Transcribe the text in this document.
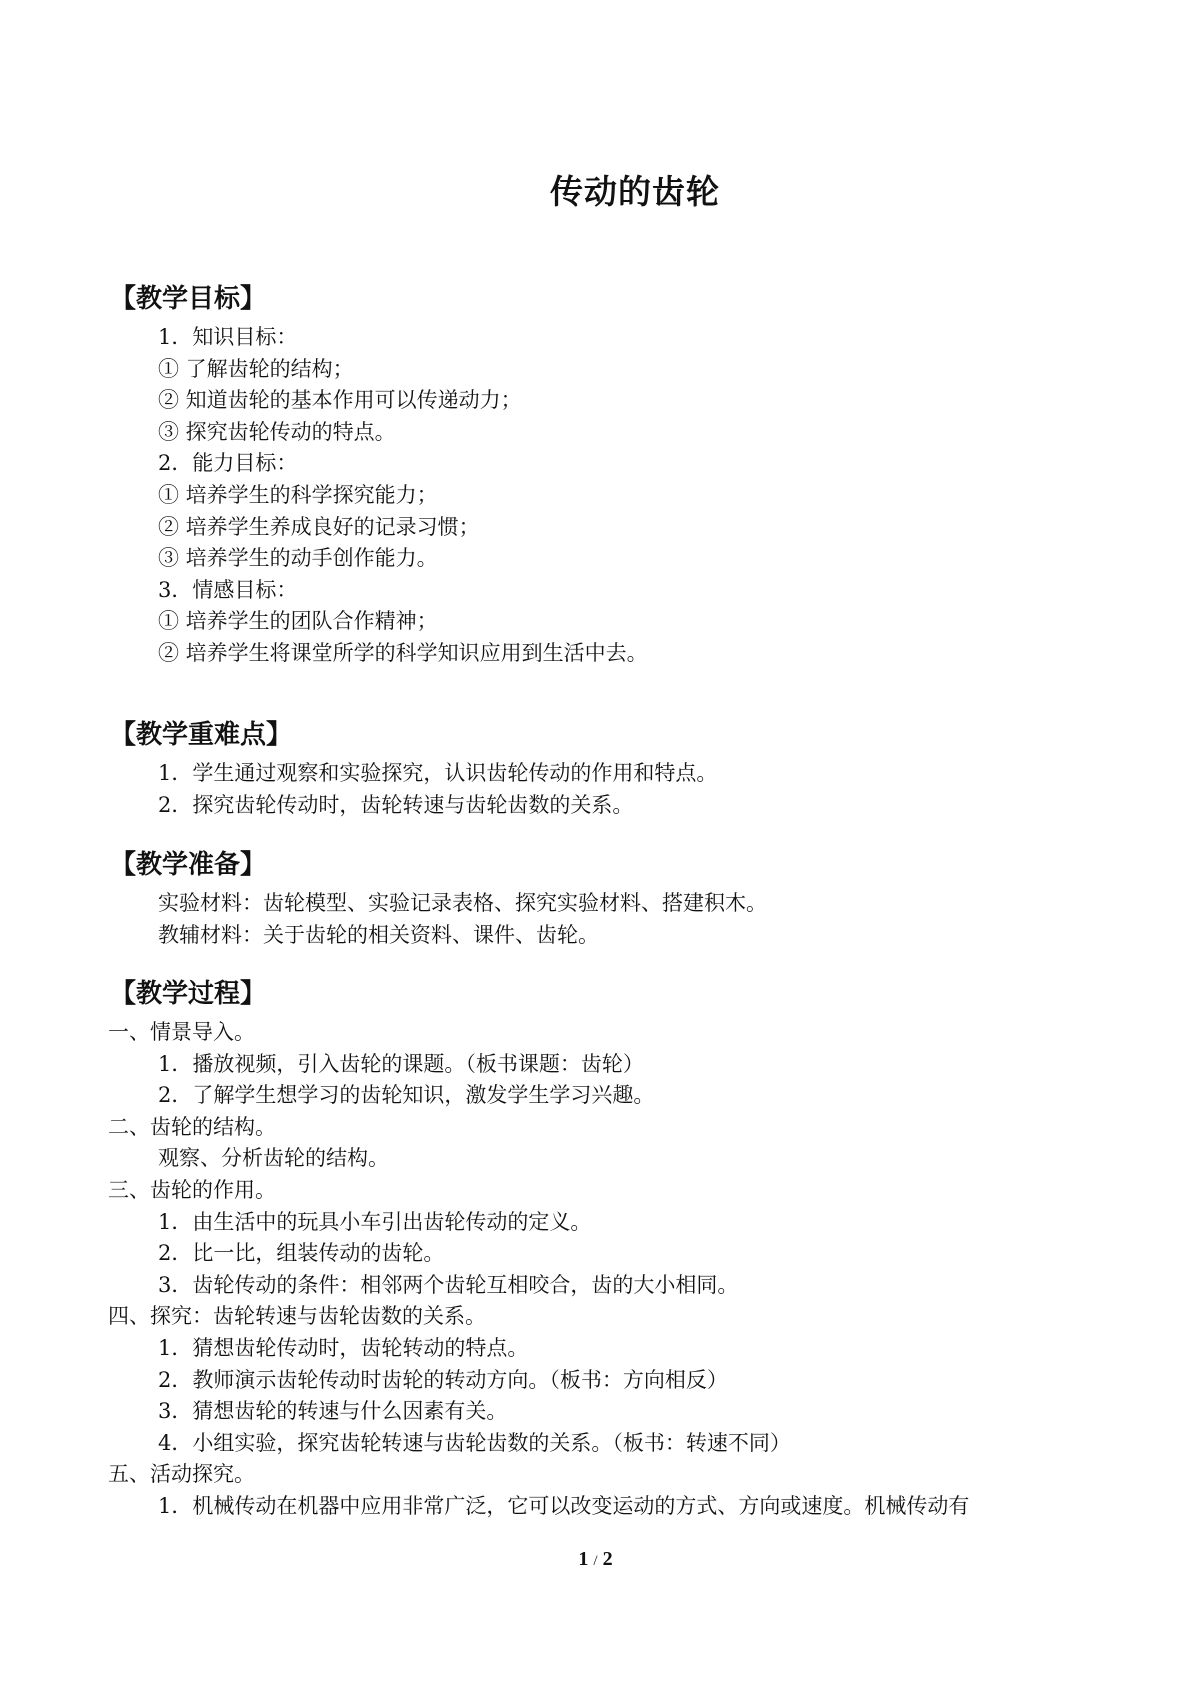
传动的齿轮
【教学目标】
1．知识目标：
① 了解齿轮的结构；
② 知道齿轮的基本作用可以传递动力；
③ 探究齿轮传动的特点。
2．能力目标：
① 培养学生的科学探究能力；
② 培养学生养成良好的记录习惯；
③ 培养学生的动手创作能力。
3．情感目标：
① 培养学生的团队合作精神；
② 培养学生将课堂所学的科学知识应用到生活中去。
【教学重难点】
1．学生通过观察和实验探究，认识齿轮传动的作用和特点。
2．探究齿轮传动时，齿轮转速与齿轮齿数的关系。
【教学准备】
实验材料：齿轮模型、实验记录表格、探究实验材料、搭建积木。
教辅材料：关于齿轮的相关资料、课件、齿轮。
【教学过程】
一、情景导入。
1．播放视频，引入齿轮的课题。（板书课题：齿轮）
2．了解学生想学习的齿轮知识，激发学生学习兴趣。
二、齿轮的结构。
观察、分析齿轮的结构。
三、齿轮的作用。
1．由生活中的玩具小车引出齿轮传动的定义。
2．比一比，组装传动的齿轮。
3．齿轮传动的条件：相邻两个齿轮互相咬合，齿的大小相同。
四、探究：齿轮转速与齿轮齿数的关系。
1．猜想齿轮传动时，齿轮转动的特点。
2．教师演示齿轮传动时齿轮的转动方向。（板书：方向相反）
3．猜想齿轮的转速与什么因素有关。
4．小组实验，探究齿轮转速与齿轮齿数的关系。（板书：转速不同）
五、活动探究。
1．机械传动在机器中应用非常广泛，它可以改变运动的方式、方向或速度。机械传动有
1 / 2
